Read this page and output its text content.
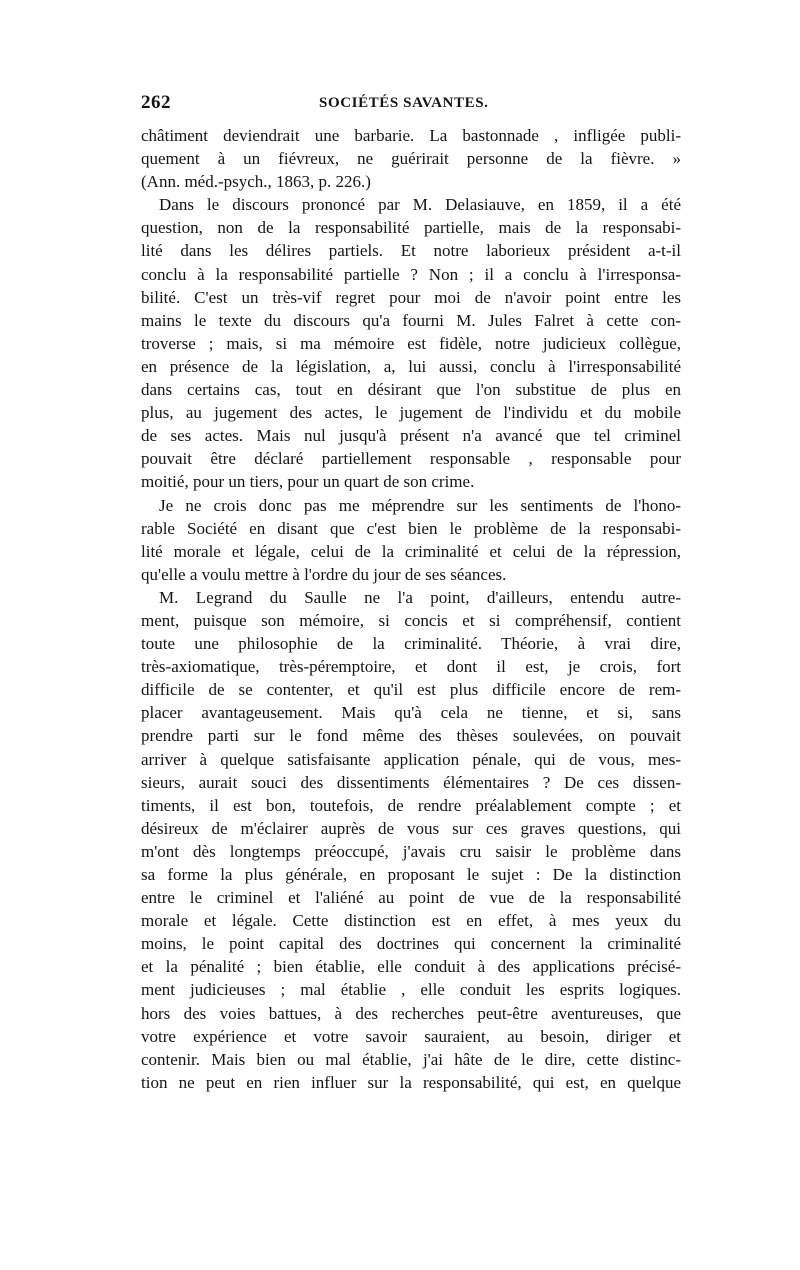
262	SOCIÉTÉS SAVANTES.
châtiment deviendrait une barbarie. La bastonnade , infligée publi-
quement à un fiévreux, ne guérirait personne de la fièvre. »
(Ann. méd.-psych., 1863, p. 226.)
Dans le discours prononcé par M. Delasiauve, en 1859, il a été
question, non de la responsabilité partielle, mais de la responsabi-
lité dans les délires partiels. Et notre laborieux président a-t-il
conclu à la responsabilité partielle ? Non ; il a conclu à l'irresponsa-
bilité. C'est un très-vif regret pour moi de n'avoir point entre les
mains le texte du discours qu'a fourni M. Jules Falret à cette con-
troverse ; mais, si ma mémoire est fidèle, notre judicieux collègue,
en présence de la législation, a, lui aussi, conclu à l'irresponsabilité
dans certains cas, tout en désirant que l'on substitue de plus en
plus, au jugement des actes, le jugement de l'individu et du mobile
de ses actes. Mais nul jusqu'à présent n'a avancé que tel criminel
pouvait être déclaré partiellement responsable , responsable pour
moitié, pour un tiers, pour un quart de son crime.
Je ne crois donc pas me méprendre sur les sentiments de l'hono-
rable Société en disant que c'est bien le problème de la responsabi-
lité morale et légale, celui de la criminalité et celui de la répression,
qu'elle a voulu mettre à l'ordre du jour de ses séances.
M. Legrand du Saulle ne l'a point, d'ailleurs, entendu autre-
ment, puisque son mémoire, si concis et si compréhensif, contient
toute une philosophie de la criminalité. Théorie, à vrai dire,
très-axiomatique, très-péremptoire, et dont il est, je crois, fort
difficile de se contenter, et qu'il est plus difficile encore de rem-
placer avantageusement. Mais qu'à cela ne tienne, et si, sans
prendre parti sur le fond même des thèses soulevées, on pouvait
arriver à quelque satisfaisante application pénale, qui de vous, mes-
sieurs, aurait souci des dissentiments élémentaires ? De ces dissen-
timents, il est bon, toutefois, de rendre préalablement compte ; et
désireux de m'éclairer auprès de vous sur ces graves questions, qui
m'ont dès longtemps préoccupé, j'avais cru saisir le problème dans
sa forme la plus générale, en proposant le sujet : De la distinction
entre le criminel et l'aliéné au point de vue de la responsabilité
morale et légale. Cette distinction est en effet, à mes yeux du
moins, le point capital des doctrines qui concernent la criminalité
et la pénalité ; bien établie, elle conduit à des applications précisé-
ment judicieuses ; mal établie , elle conduit les esprits logiques.
hors des voies battues, à des recherches peut-être aventureuses, que
votre expérience et votre savoir sauraient, au besoin, diriger et
contenir. Mais bien ou mal établie, j'ai hâte de le dire, cette distinc-
tion ne peut en rien influer sur la responsabilité, qui est, en quelque
